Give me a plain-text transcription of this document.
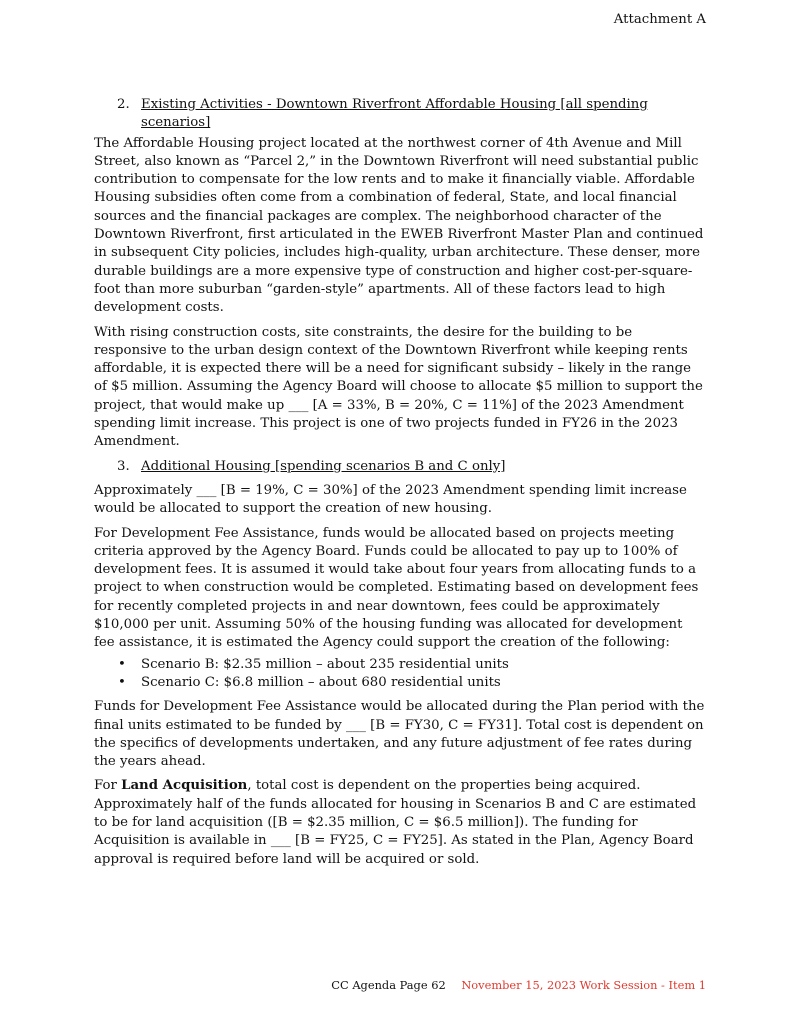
Attachment A
2. Existing Activities - Downtown Riverfront Affordable Housing [all spending scenarios]

The Affordable Housing project located at the northwest corner of 4th Avenue and Mill Street, also known as “Parcel 2,” in the Downtown Riverfront will need substantial public contribution to compensate for the low rents and to make it financially viable. Affordable Housing subsidies often come from a combination of federal, State, and local financial sources and the financial packages are complex. The neighborhood character of the Downtown Riverfront, first articulated in the EWEB Riverfront Master Plan and continued in subsequent City policies, includes high-quality, urban architecture. These denser, more durable buildings are a more expensive type of construction and higher cost-per-square-foot than more suburban “garden-style” apartments. All of these factors lead to high development costs.

With rising construction costs, site constraints, the desire for the building to be responsive to the urban design context of the Downtown Riverfront while keeping rents affordable, it is expected there will be a need for significant subsidy – likely in the range of $5 million. Assuming the Agency Board will choose to allocate $5 million to support the project, that would make up ___ [A = 33%, B = 20%, C = 11%] of the 2023 Amendment spending limit increase. This project is one of two projects funded in FY26 in the 2023 Amendment.

3. Additional Housing [spending scenarios B and C only]

Approximately ___ [B = 19%, C = 30%] of the 2023 Amendment spending limit increase would be allocated to support the creation of new housing.

For Development Fee Assistance, funds would be allocated based on projects meeting criteria approved by the Agency Board. Funds could be allocated to pay up to 100% of development fees. It is assumed it would take about four years from allocating funds to a project to when construction would be completed. Estimating based on development fees for recently completed projects in and near downtown, fees could be approximately $10,000 per unit. Assuming 50% of the housing funding was allocated for development fee assistance, it is estimated the Agency could support the creation of the following:

• Scenario B: $2.35 million – about 235 residential units
• Scenario C: $6.8 million – about 680 residential units

Funds for Development Fee Assistance would be allocated during the Plan period with the final units estimated to be funded by ___ [B = FY30, C = FY31]. Total cost is dependent on the specifics of developments undertaken, and any future adjustment of fee rates during the years ahead.

For Land Acquisition, total cost is dependent on the properties being acquired. Approximately half of the funds allocated for housing in Scenarios B and C are estimated to be for land acquisition ([B = $2.35 million, C = $6.5 million]). The funding for Acquisition is available in ___ [B = FY25, C = FY25]. As stated in the Plan, Agency Board approval is required before land will be acquired or sold.

CC Agenda Page 62 November 15, 2023 Work Session - Item 1
